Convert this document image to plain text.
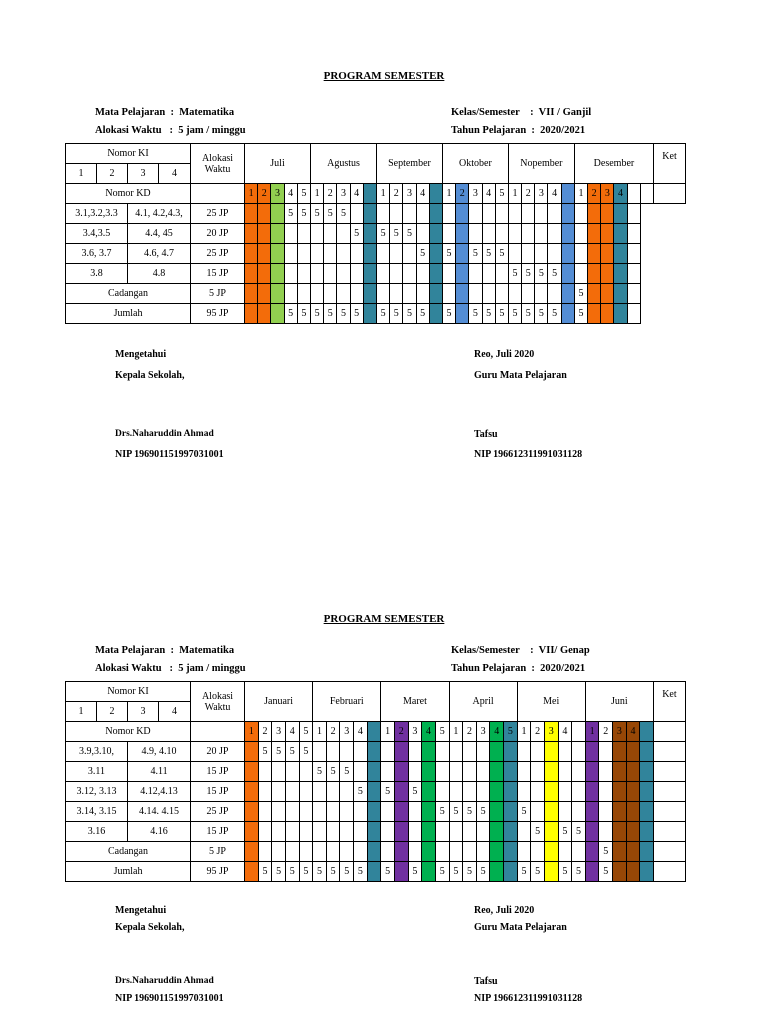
PROGRAM SEMESTER
Mata Pelajaran  :  Matematika
Alokasi Waktu   :  5 jam / minggu
Kelas/Semester    :  VII / Ganjil
Tahun Pelajaran  :  2020/2021
Nomor KI				Alokasi Waktu	Juli					Agustus					September					Oktober					Nopember					Desember						Ket
1	2	3	4																																	
Nomor KD					1	2	3	4	5	1	2	3	4		1	2	3	4		1	2	3	4	5	1	2	3	4		1	2	3	4			
3.1,3.2,3.3		4.1, 4.2,4.3,		25 JP				5	5	5	5	5																								
3.4,3.5		4.4, 45		20 JP									5		5	5	5																			
3.6, 3.7		4.6, 4.7		25 JP														5		5		5	5	5												
3.8		4.8		15 JP																					5	5	5	5								
Cadangan				5 JP																										5						
Jumlah				95 JP				5	5	5	5	5	5		5	5	5	5		5		5	5	5	5	5	5	5		5						
Mengetahui
Kepala Sekolah,
Drs.Naharuddin Ahmad
NIP 196901151997031001
Reo, Juli 2020
Guru Mata Pelajaran
Tafsu
NIP 196612311991031128
PROGRAM SEMESTER
Mata Pelajaran  :  Matematika
Alokasi Waktu   :  5 jam / minggu
Kelas/Semester    :  VII/ Genap
Tahun Pelajaran  :  2020/2021
Nomor KI				Alokasi Waktu	Januari					Februari					Maret					April					Mei					Juni					Ket
1	2	3	4																																
Nomor KD					1	2	3	4	5	1	2	3	4		1	2	3	4	5	1	2	3	4	5	1	2	3	4		1	2	3	4		
3.9,3.10,		4.9, 4.10		20 JP		5	5	5	5																										
3.11		4.11		15 JP						5	5	5																							
3.12, 3.13		4.12,4.13		15 JP									5		5		5																		
3.14, 3.15		4.14. 4.15		25 JP															5	5	5	5			5										
3.16		4.16		15 JP																						5		5	5						
Cadangan				5 JP																											5				
Jumlah				95 JP		5	5	5	5	5	5	5	5		5		5		5	5	5	5			5	5		5	5		5				
Mengetahui
Kepala Sekolah,
Drs.Naharuddin Ahmad
NIP 196901151997031001
Reo, Juli 2020
Guru Mata Pelajaran
Tafsu
NIP 196612311991031128
